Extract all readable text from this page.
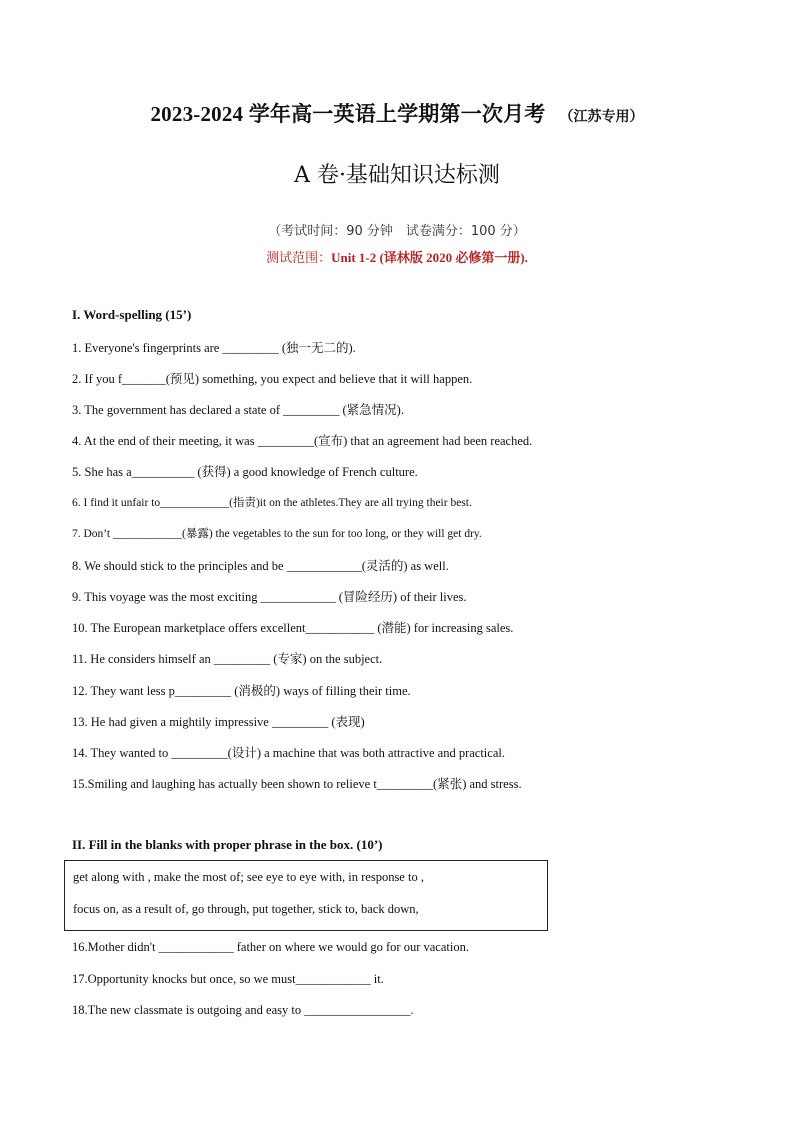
2023-2024 学年高一英语上学期第一次月考 （江苏专用）
A 卷·基础知识达标测
（考试时间：90 分钟　试卷满分：100 分）
测试范围：Unit 1-2 (译林版 2020 必修第一册).
I. Word-spelling (15’)
1. Everyone's fingerprints are _________ (独一无二的).
2. If you f_______(预见) something, you expect and believe that it will happen.
3. The government has declared a state of _________ (紧急情况).
4. At the end of their meeting, it was _________(宣布) that an agreement had been reached.
5. She has a__________ (获得) a good knowledge of French culture.
6. I find it unfair to____________(指责)it on the athletes.They are all trying their best.
7. Don’t ____________(暴露) the vegetables to the sun for too long, or they will get dry.
8. We should stick to the principles and be ____________(灵活的) as well.
9. This voyage was the most exciting ____________ (冒险经历) of their lives.
10. The European marketplace offers excellent___________ (潜能) for increasing sales.
11. He considers himself an _________ (专家) on the subject.
12. They want less p_________ (消极的) ways of filling their time.
13. He had given a mightily impressive _________ (表现)
14. They wanted to _________(设计) a machine that was both attractive and practical.
15.Smiling and laughing has actually been shown to relieve t_________(紧张) and stress.
II. Fill in the blanks with proper phrase in the box. (10’)
get along with , make the most of; see eye to eye with, in response to ,
focus on, as a result of, go through, put together, stick to, back down,
16.Mother didn't ____________ father on where we would go for our vacation.
17.Opportunity knocks but once, so we must____________ it.
18.The new classmate is outgoing and easy to _________________.
